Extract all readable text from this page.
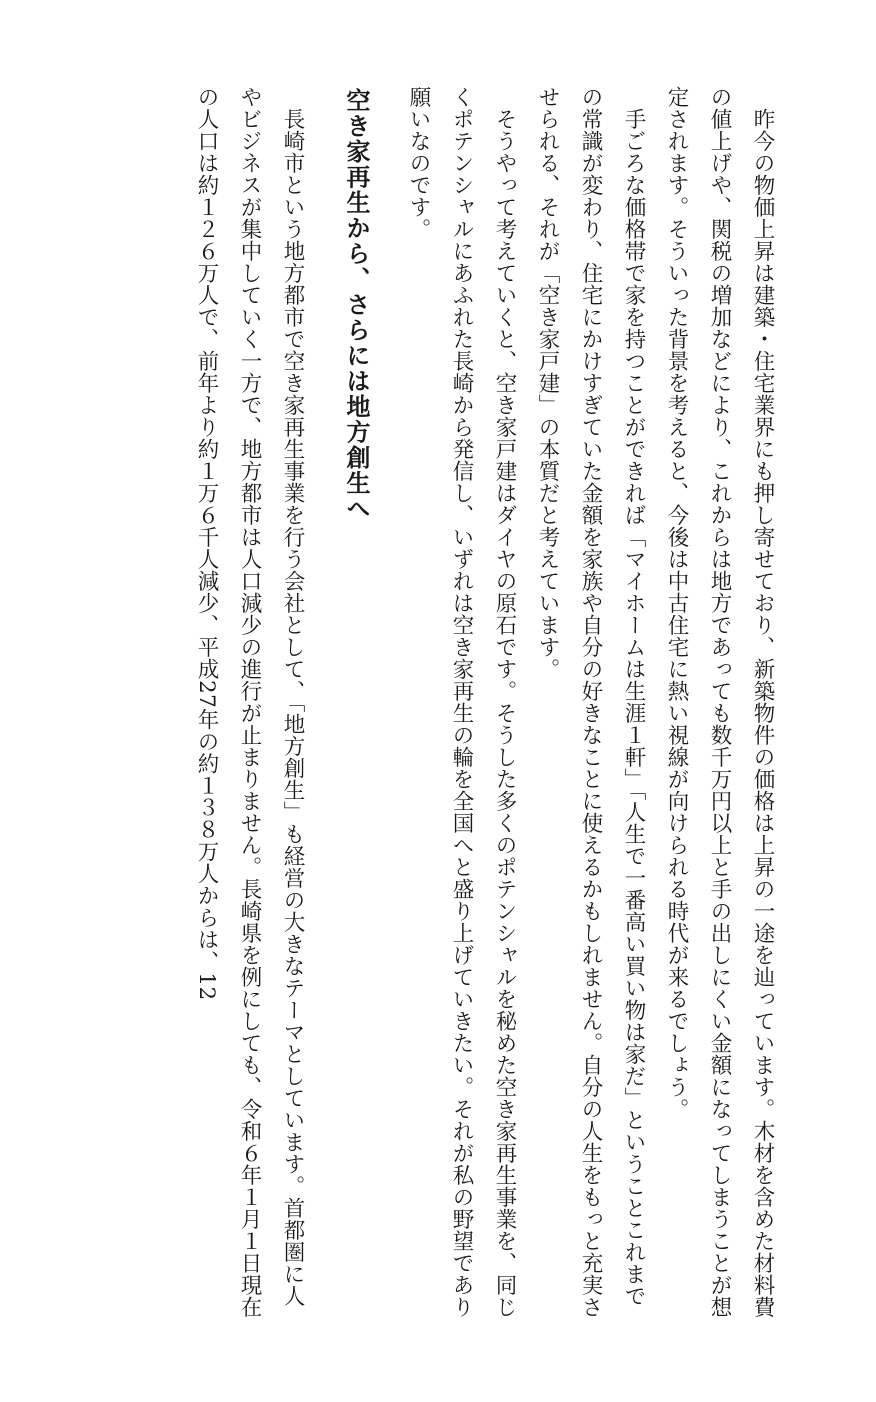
昨今の物価上昇は建築・住宅業界にも押し寄せており、新築物件の価格は上昇の一途を辿っています。木材を含めた材料費の値上げや、関税の増加などにより、これからは地方であっても数千万円以上と手の出しにくい金額になってしまうことが想定されます。そういった背景を考えると、今後は中古住宅に熱い視線が向けられる時代が来るでしょう。

手ごろな価格帯で家を持つことができれば「マイホームは生涯１軒」「人生で一番高い買い物は家だ」ということこれまでの常識が変わり、住宅にかけすぎていた金額を家族や自分の好きなことに使えるかもしれません。自分の人生をもっと充実させられる、それが「空き家戸建」の本質だと考えています。

そうやって考えていくと、空き家戸建はダイヤの原石です。そうした多くのポテンシャルを秘めた空き家再生事業を、同じくポテンシャルにあふれた長崎から発信し、いずれは空き家再生の輪を全国へと盛り上げていきたい。それが私の野望であり願いなのです。

空き家再生から、さらには地方創生へ

長崎市という地方都市で空き家再生事業を行う会社として、「地方創生」も経営の大きなテーマとしています。首都圏に人やビジネスが集中していく一方で、地方都市は人口減少の進行が止まりません。長崎県を例にしても、令和６年１月１日現在の人口は約１２６万人で、前年より約１万６千人減少、平成27年の約１３８万人からは、12
